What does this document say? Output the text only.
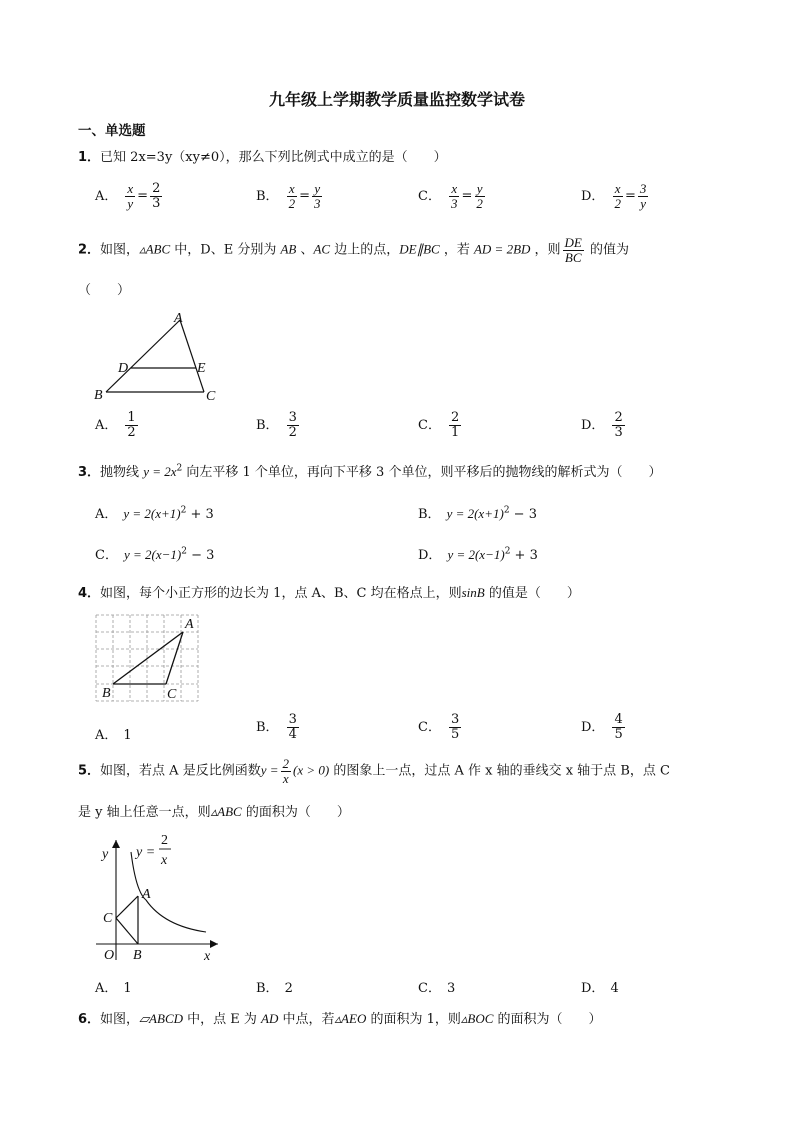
九年级上学期教学质量监控数学试卷
一、单选题
1．已知 2x=3y（xy≠0），那么下列比例式中成立的是（　　）
A． $\frac{x}{y} = \frac{2}{3}$	B． $\frac{x}{2} = \frac{y}{3}$	C． $\frac{x}{3} = \frac{y}{2}$	D． $\frac{x}{2} = \frac{3}{y}$
2．如图，▵ABC 中，D、E 分别为 AB 、AC 边上的点，DE∥BC ，若 AD = 2BD ，则 $\frac{DE}{BC}$ 的值为
（　　）
A
B	C
D	E
A． $\frac{1}{2}$	B． $\frac{3}{2}$	C． $\frac{2}{1}$	D． $\frac{2}{3}$
3．抛物线 $y = 2x^2$ 向左平移 1 个单位，再向下平移 3 个单位，则平移后的抛物线的解析式为（　　）
A． $y = 2(x+1)^2 + 3$	B． $y = 2(x+1)^2 - 3$
C． $y = 2(x-1)^2 - 3$	D． $y = 2(x-1)^2 + 3$
4．如图，每个小正方形的边长为 1，点 A、B、C 均在格点上，则sinB 的值是（　　）
A
B	C
A． 1
B． $\frac{3}{4}$	C． $\frac{3}{5}$	D． $\frac{4}{5}$
5．如图，若点 A 是反比例函数$y = \frac{2}{x} (x > 0)$ 的图象上一点，过点 A 作 x 轴的垂线交 x 轴于点 B，点 C
是 y 轴上任意一点，则▵ABC 的面积为（　　）
y
x
O
A
B
C
y =
2
x
A． 1	B． 2	C． 3	D． 4
6．如图，▱ABCD 中，点 E 为 AD 中点，若▵AEO 的面积为 1，则▵BOC 的面积为（　　）
